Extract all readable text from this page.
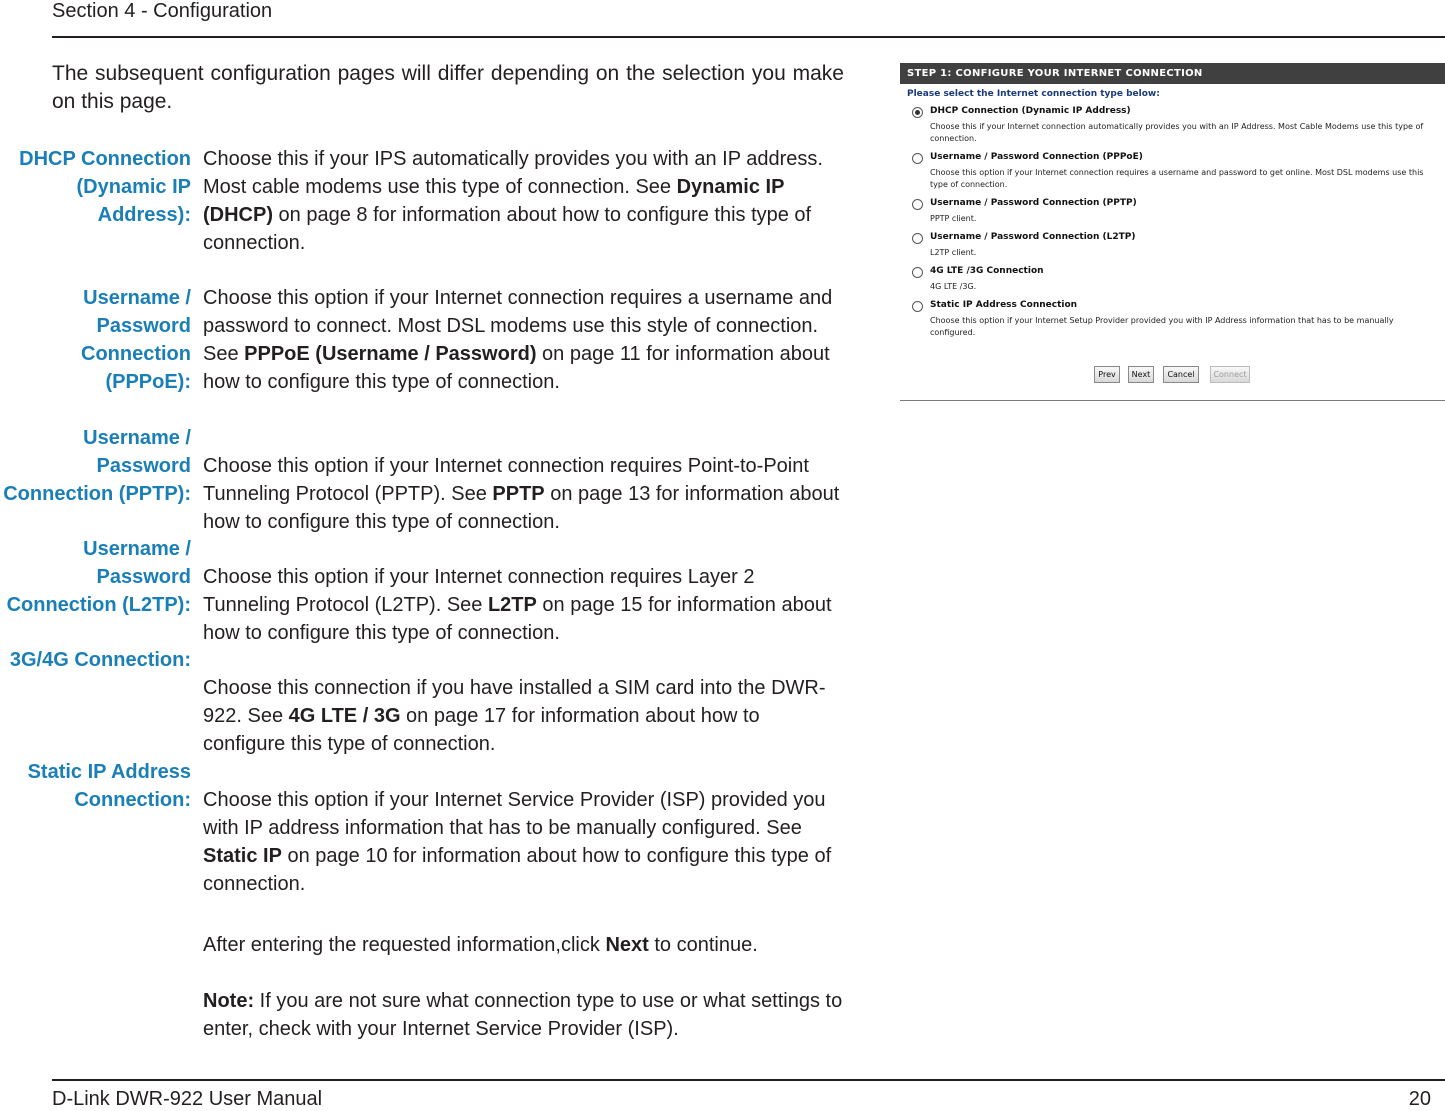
Section 4 - Configuration
The subsequent configuration pages will differ depending on the selection you make on this page.
DHCP Connection (Dynamic IP Address):
Choose this if your IPS automatically provides you with an IP address. Most cable modems use this type of connection. See Dynamic IP (DHCP) on page 8 for information about how to configure this type of connection.
Username / Password Connection (PPPoE):
Choose this option if your Internet connection requires a username and password to connect. Most DSL modems use this style of connection. See PPPoE (Username / Password) on page 11 for information about how to configure this type of connection.
Username / Password Connection (PPTP):
Choose this option if your Internet connection requires Point-to-Point Tunneling Protocol (PPTP). See PPTP on page 13 for information about how to configure this type of connection.
Username / Password Connection (L2TP):
Choose this option if your Internet connection requires Layer 2 Tunneling Protocol (L2TP). See L2TP on page 15 for information about how to configure this type of connection.
3G/4G Connection:
Choose this connection if you have installed a SIM card into the DWR-922. See 4G LTE / 3G on page 17 for information about how to configure this type of connection.
Static IP Address Connection: Choose this option if your Internet Service Provider (ISP) provided you with IP address information that has to be manually configured. See Static IP on page 10 for information about how to configure this type of connection.
After entering the requested information,click Next to continue.
Note: If you are not sure what connection type to use or what settings to enter, check with your Internet Service Provider (ISP).
STEP 1: CONFIGURE YOUR INTERNET CONNECTION
Please select the Internet connection type below:
DHCP Connection (Dynamic IP Address)
Choose this if your Internet connection automatically provides you with an IP Address. Most Cable Modems use this type of connection.
Username / Password Connection (PPPoE)
Choose this option if your Internet connection requires a username and password to get online. Most DSL modems use this type of connection.
Username / Password Connection (PPTP)
PPTP client.
Username / Password Connection (L2TP)
L2TP client.
4G LTE /3G Connection
4G LTE /3G.
Static IP Address Connection
Choose this option if your Internet Setup Provider provided you with IP Address information that has to be manually configured.
Prev	Next	Cancel	Connect
D-Link DWR-922 User Manual	20
